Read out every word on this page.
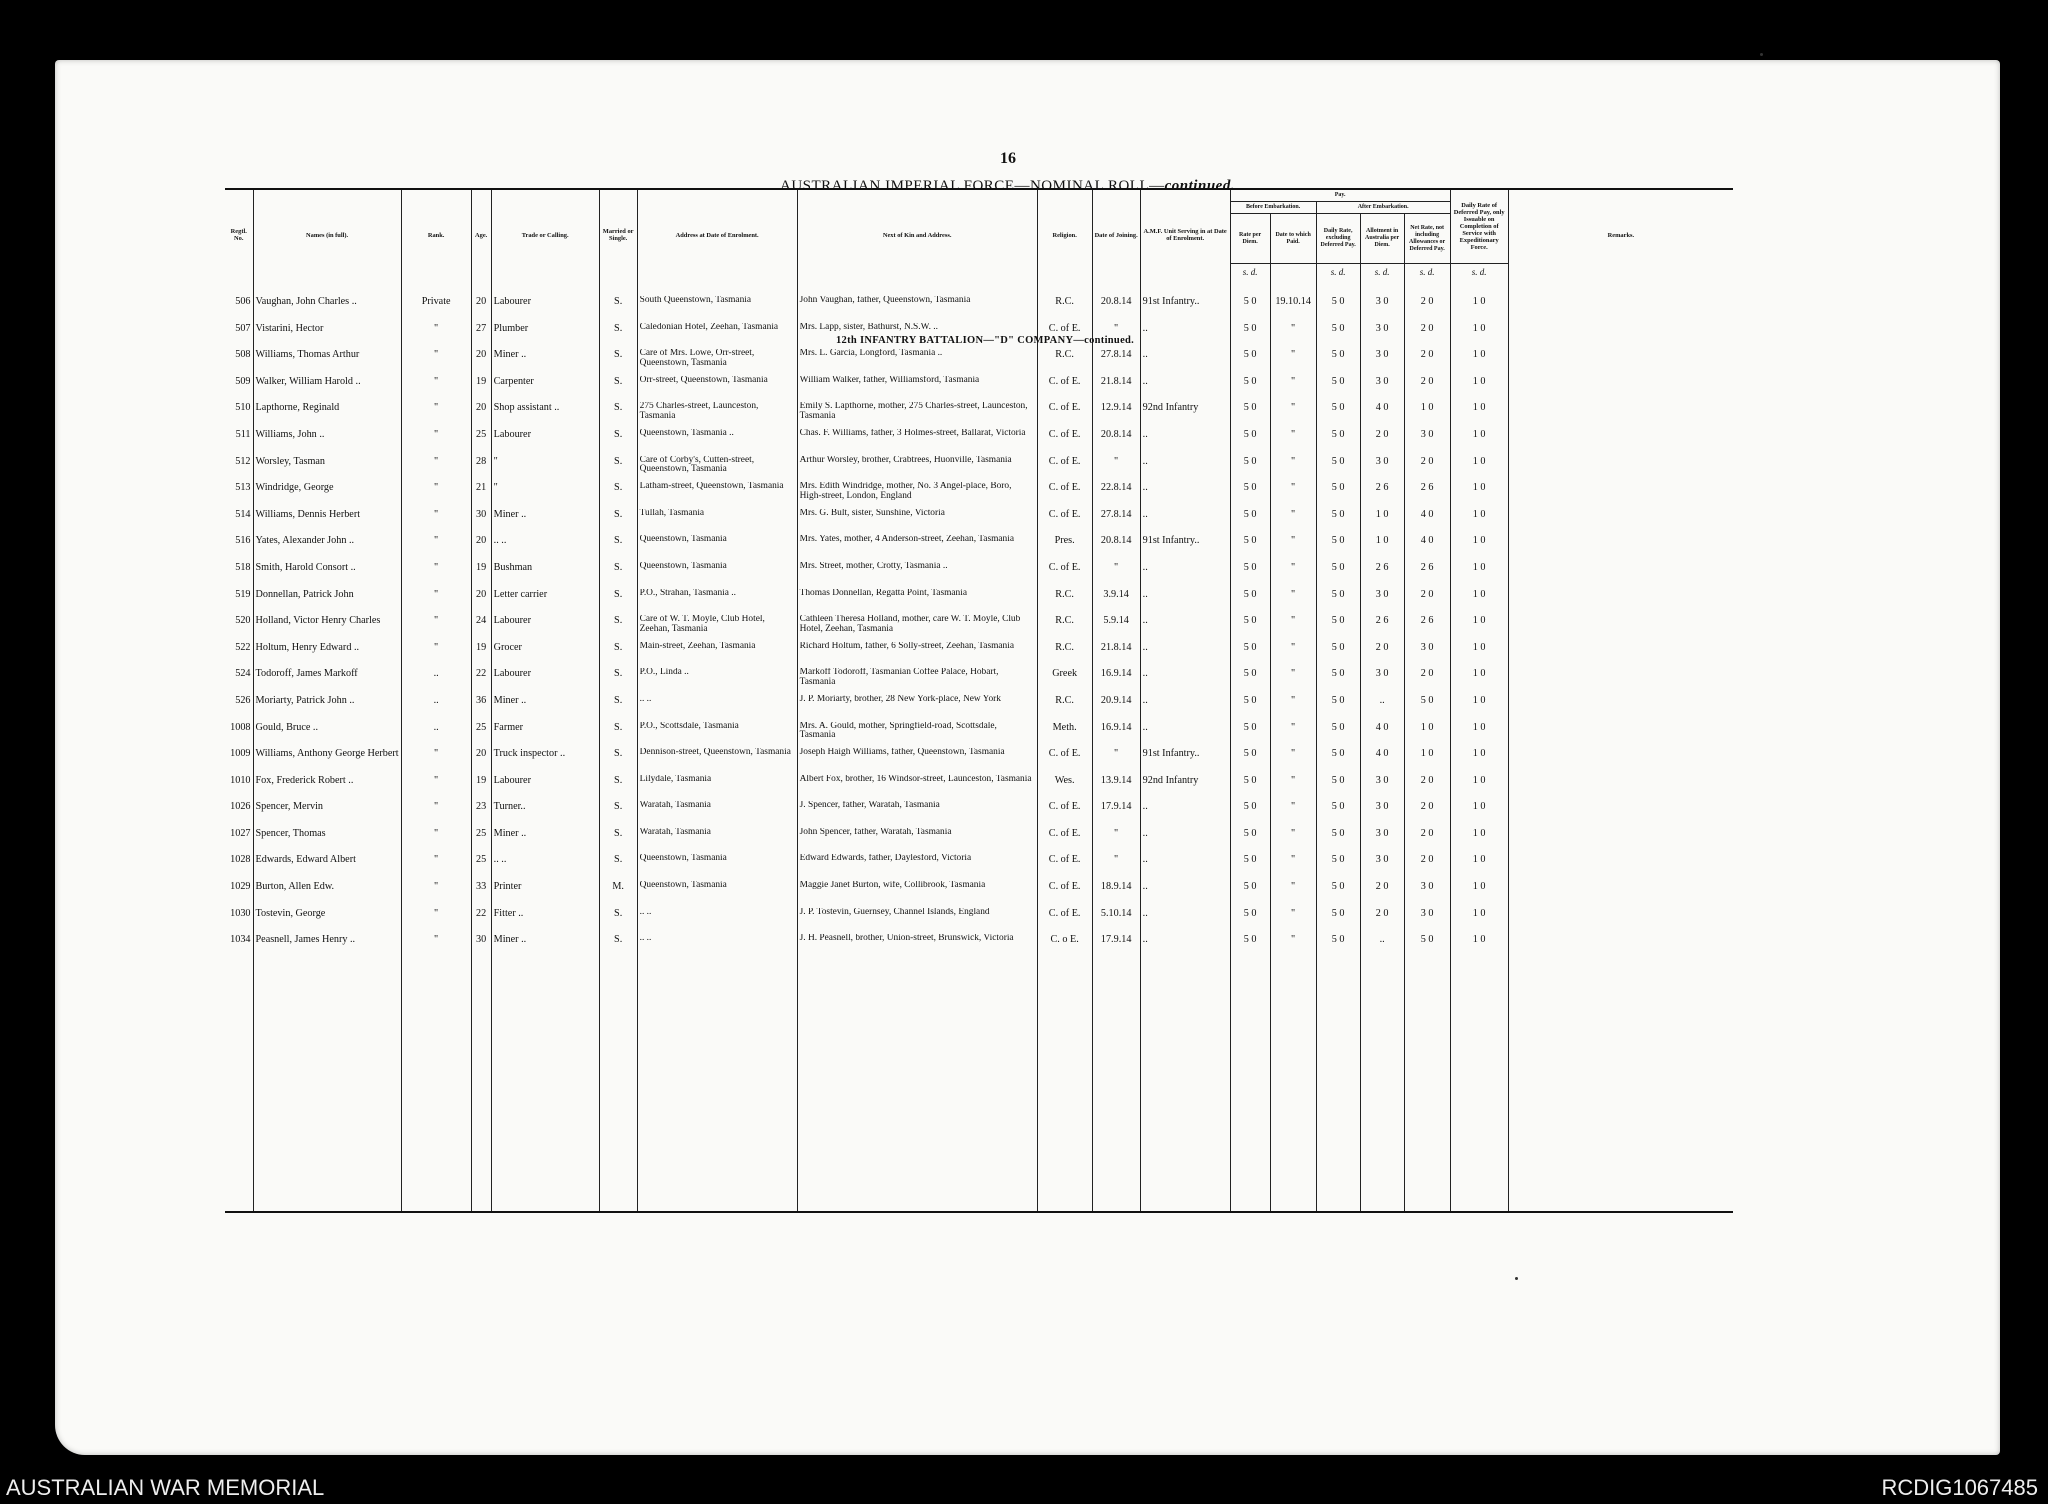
16
AUSTRALIAN IMPERIAL FORCE—NOMINAL ROLL—continued.
Regtl. No.	Names (in full).	Rank.	Age.	Trade or Calling.	Married or Single.	Address at Date of Enrolment.	Next of Kin and Address.	Religion.	Date of Joining.	A.M.F. Unit Serving in at Date of Enrolment.	Pay.					Daily Rate of Deferred Pay, only Issuable on Completion of Service with Expeditionary Force.	Remarks.
											Before Embarkation.		After Embarkation.				
											Rate per Diem.	Date to which Paid.	Daily Rate, excluding Deferred Pay.	Allotment in Australia per Diem.	Net Rate, not including Allowances or Deferred Pay.		
											s. d.		s. d.	s. d.	s. d.	s. d.	

506	Vaughan, John Charles ..	Private	20	Labourer	S.	South Queenstown, Tasmania	John Vaughan, father, Queenstown, Tasmania	R.C.	20.8.14	91st Infantry..	5 0	19.10.14	5 0	3 0	2 0	1 0	
507	Vistarini, Hector	"	27	Plumber	S.	Caledonian Hotel, Zeehan, Tasmania	Mrs. Lapp, sister, Bathurst, N.S.W. ..	C. of E.	"	..	5 0	"	5 0	3 0	2 0	1 0	
508	Williams, Thomas Arthur	"	20	Miner ..	S.	Care of Mrs. Lowe, Orr-street, Queenstown, Tasmania	Mrs. L. Garcia, Longford, Tasmania ..	R.C.	27.8.14	..	5 0	"	5 0	3 0	2 0	1 0	
509	Walker, William Harold ..	"	19	Carpenter	S.	Orr-street, Queenstown, Tasmania	William Walker, father, Williamsford, Tasmania	C. of E.	21.8.14	..	5 0	"	5 0	3 0	2 0	1 0	
510	Lapthorne, Reginald	"	20	Shop assistant ..	S.	275 Charles-street, Launceston, Tasmania	Emily S. Lapthorne, mother, 275 Charles-street, Launceston, Tasmania	C. of E.	12.9.14	92nd Infantry	5 0	"	5 0	4 0	1 0	1 0	
511	Williams, John ..	"	25	Labourer	S.	Queenstown, Tasmania ..	Chas. F. Williams, father, 3 Holmes-street, Ballarat, Victoria	C. of E.	20.8.14	..	5 0	"	5 0	2 0	3 0	1 0	
512	Worsley, Tasman	"	28	"	S.	Care of Corby's, Cutten-street, Queenstown, Tasmania	Arthur Worsley, brother, Crabtrees, Huonville, Tasmania	C. of E.	"	..	5 0	"	5 0	3 0	2 0	1 0	
513	Windridge, George	"	21	"	S.	Latham-street, Queenstown, Tasmania	Mrs. Edith Windridge, mother, No. 3 Angel-place, Boro, High-street, London, England	C. of E.	22.8.14	..	5 0	"	5 0	2 6	2 6	1 0	
514	Williams, Dennis Herbert	"	30	Miner ..	S.	Tullah, Tasmania	Mrs. G. Bult, sister, Sunshine, Victoria	C. of E.	27.8.14	..	5 0	"	5 0	1 0	4 0	1 0	
516	Yates, Alexander John ..	"	20	.. ..	S.	Queenstown, Tasmania	Mrs. Yates, mother, 4 Anderson-street, Zeehan, Tasmania	Pres.	20.8.14	91st Infantry..	5 0	"	5 0	1 0	4 0	1 0	
518	Smith, Harold Consort ..	"	19	Bushman	S.	Queenstown, Tasmania	Mrs. Street, mother, Crotty, Tasmania ..	C. of E.	"	..	5 0	"	5 0	2 6	2 6	1 0	
519	Donnellan, Patrick John	"	20	Letter carrier	S.	P.O., Strahan, Tasmania ..	Thomas Donnellan, Regatta Point, Tasmania	R.C.	3.9.14	..	5 0	"	5 0	3 0	2 0	1 0	
520	Holland, Victor Henry Charles	"	24	Labourer	S.	Care of W. T. Moyle, Club Hotel, Zeehan, Tasmania	Cathleen Theresa Holland, mother, care W. T. Moyle, Club Hotel, Zeehan, Tasmania	R.C.	5.9.14	..	5 0	"	5 0	2 6	2 6	1 0	
522	Holtum, Henry Edward ..	"	19	Grocer	S.	Main-street, Zeehan, Tasmania	Richard Holtum, father, 6 Solly-street, Zeehan, Tasmania	R.C.	21.8.14	..	5 0	"	5 0	2 0	3 0	1 0	
524	Todoroff, James Markoff	..	22	Labourer	S.	P.O., Linda ..	Markoff Todoroff, Tasmanian Coffee Palace, Hobart, Tasmania	Greek	16.9.14	..	5 0	"	5 0	3 0	2 0	1 0	
526	Moriarty, Patrick John ..	..	36	Miner ..	S.	.. ..	J. P. Moriarty, brother, 28 New York-place, New York	R.C.	20.9.14	..	5 0	"	5 0	..	5 0	1 0	
1008	Gould, Bruce ..	..	25	Farmer	S.	P.O., Scottsdale, Tasmania	Mrs. A. Gould, mother, Springfield-road, Scottsdale, Tasmania	Meth.	16.9.14	..	5 0	"	5 0	4 0	1 0	1 0	
1009	Williams, Anthony George Herbert	"	20	Truck inspector ..	S.	Dennison-street, Queenstown, Tasmania	Joseph Haigh Williams, father, Queenstown, Tasmania	C. of E.	"	91st Infantry..	5 0	"	5 0	4 0	1 0	1 0	
1010	Fox, Frederick Robert ..	"	19	Labourer	S.	Lilydale, Tasmania	Albert Fox, brother, 16 Windsor-street, Launceston, Tasmania	Wes.	13.9.14	92nd Infantry	5 0	"	5 0	3 0	2 0	1 0	
1026	Spencer, Mervin	"	23	Turner..	S.	Waratah, Tasmania	J. Spencer, father, Waratah, Tasmania	C. of E.	17.9.14	..	5 0	"	5 0	3 0	2 0	1 0	
1027	Spencer, Thomas	"	25	Miner ..	S.	Waratah, Tasmania	John Spencer, father, Waratah, Tasmania	C. of E.	"	..	5 0	"	5 0	3 0	2 0	1 0	
1028	Edwards, Edward Albert	"	25	.. ..	S.	Queenstown, Tasmania	Edward Edwards, father, Daylesford, Victoria	C. of E.	"	..	5 0	"	5 0	3 0	2 0	1 0	
1029	Burton, Allen Edw.	"	33	Printer	M.	Queenstown, Tasmania	Maggie Janet Burton, wife, Collibrook, Tasmania	C. of E.	18.9.14	..	5 0	"	5 0	2 0	3 0	1 0	
1030	Tostevin, George	"	22	Fitter ..	S.	.. ..	J. P. Tostevin, Guernsey, Channel Islands, England	C. of E.	5.10.14	..	5 0	"	5 0	2 0	3 0	1 0	
1034	Peasnell, James Henry ..	"	30	Miner ..	S.	.. ..	J. H. Peasnell, brother, Union-street, Brunswick, Victoria	C. o E.	17.9.14	..	5 0	"	5 0	..	5 0	1 0	

12th INFANTRY BATTALION—"D" COMPANY—continued.
AUSTRALIAN WAR MEMORIAL	RCDIG1067485
